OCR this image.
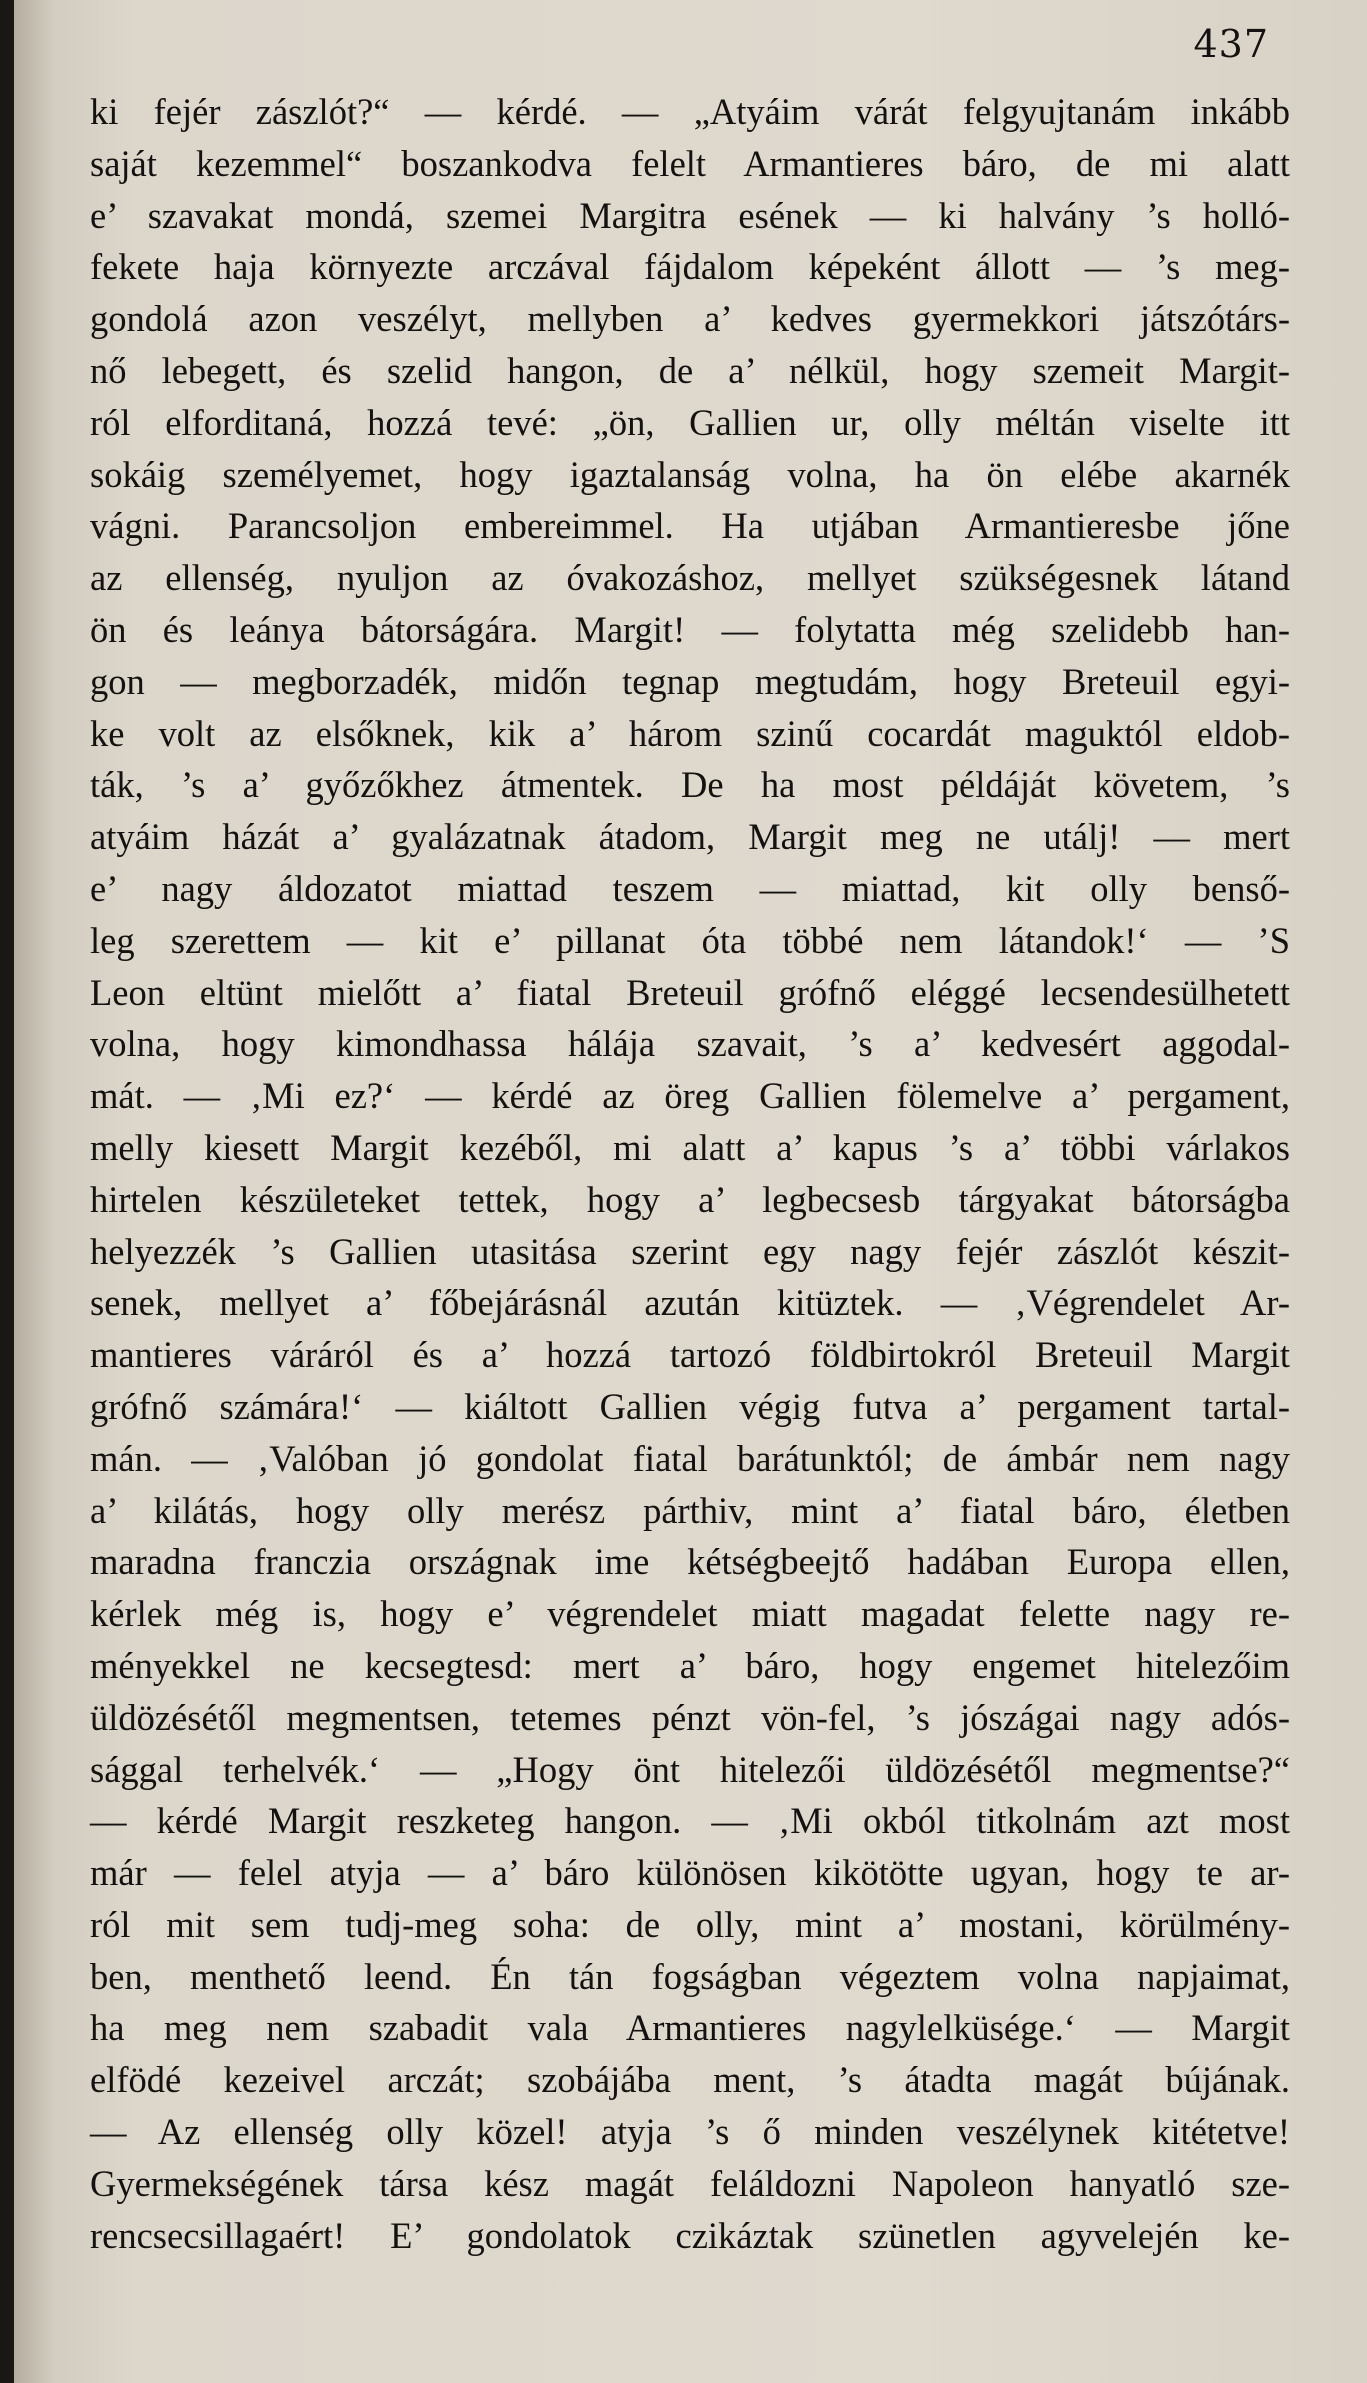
437
ki fejér zászlót?“ — kérdé. — „Atyáim várát felgyujtanám inkább
saját kezemmel“ boszankodva felelt Armantieres báro, de mi alatt
e’ szavakat mondá, szemei Margitra esének — ki halvány ’s holló-
fekete haja környezte arczával fájdalom képeként állott — ’s meg-
gondolá azon veszélyt, mellyben a’ kedves gyermekkori játszótárs-
nő lebegett, és szelid hangon, de a’ nélkül, hogy szemeit Margit-
ról elforditaná, hozzá tevé: „ön, Gallien ur, olly méltán viselte itt
sokáig személyemet, hogy igaztalanság volna, ha ön elébe akarnék
vágni. Parancsoljon embereimmel. Ha utjában Armantieresbe jőne
az ellenség, nyuljon az óvakozáshoz, mellyet szükségesnek látand
ön és leánya bátorságára. Margit! — folytatta még szelidebb han-
gon — megborzadék, midőn tegnap megtudám, hogy Breteuil egyi-
ke volt az elsőknek, kik a’ három szinű cocardát maguktól eldob-
ták, ’s a’ győzőkhez átmentek. De ha most példáját követem, ’s
atyáim házát a’ gyalázatnak átadom, Margit meg ne utálj! — mert
e’ nagy áldozatot miattad teszem — miattad, kit olly benső-
leg szerettem — kit e’ pillanat óta többé nem látandok!‘ — ’S
Leon eltünt mielőtt a’ fiatal Breteuil grófnő eléggé lecsendesülhetett
volna, hogy kimondhassa hálája szavait, ’s a’ kedvesért aggodal-
mát. — ‚Mi ez?‘ — kérdé az öreg Gallien fölemelve a’ pergament,
melly kiesett Margit kezéből, mi alatt a’ kapus ’s a’ többi várlakos
hirtelen készületeket tettek, hogy a’ legbecsesb tárgyakat bátorságba
helyezzék ’s Gallien utasitása szerint egy nagy fejér zászlót készit-
senek, mellyet a’ főbejárásnál azután kitüztek. — ‚Végrendelet Ar-
mantieres váráról és a’ hozzá tartozó földbirtokról Breteuil Margit
grófnő számára!‘ — kiáltott Gallien végig futva a’ pergament tartal-
mán. — ‚Valóban jó gondolat fiatal barátunktól; de ámbár nem nagy
a’ kilátás, hogy olly merész párthiv, mint a’ fiatal báro, életben
maradna franczia országnak ime kétségbeejtő hadában Europa ellen,
kérlek még is, hogy e’ végrendelet miatt magadat felette nagy re-
ményekkel ne kecsegtesd: mert a’ báro, hogy engemet hitelezőim
üldözésétől megmentsen, tetemes pénzt vön-fel, ’s jószágai nagy adós-
sággal terhelvék.‘ — „Hogy önt hitelezői üldözésétől megmentse?“
— kérdé Margit reszketeg hangon. — ‚Mi okból titkolnám azt most
már — felel atyja — a’ báro különösen kikötötte ugyan, hogy te ar-
ról mit sem tudj-meg soha: de olly, mint a’ mostani, körülmény-
ben, menthető leend. Én tán fogságban végeztem volna napjaimat,
ha meg nem szabadit vala Armantieres nagylelküsége.‘ — Margit
elfödé kezeivel arczát; szobájába ment, ’s átadta magát bújának.
— Az ellenség olly közel! atyja ’s ő minden veszélynek kitétetve!
Gyermekségének társa kész magát feláldozni Napoleon hanyatló sze-
rencsecsillagaért! E’ gondolatok czikáztak szünetlen agyvelején ke-
